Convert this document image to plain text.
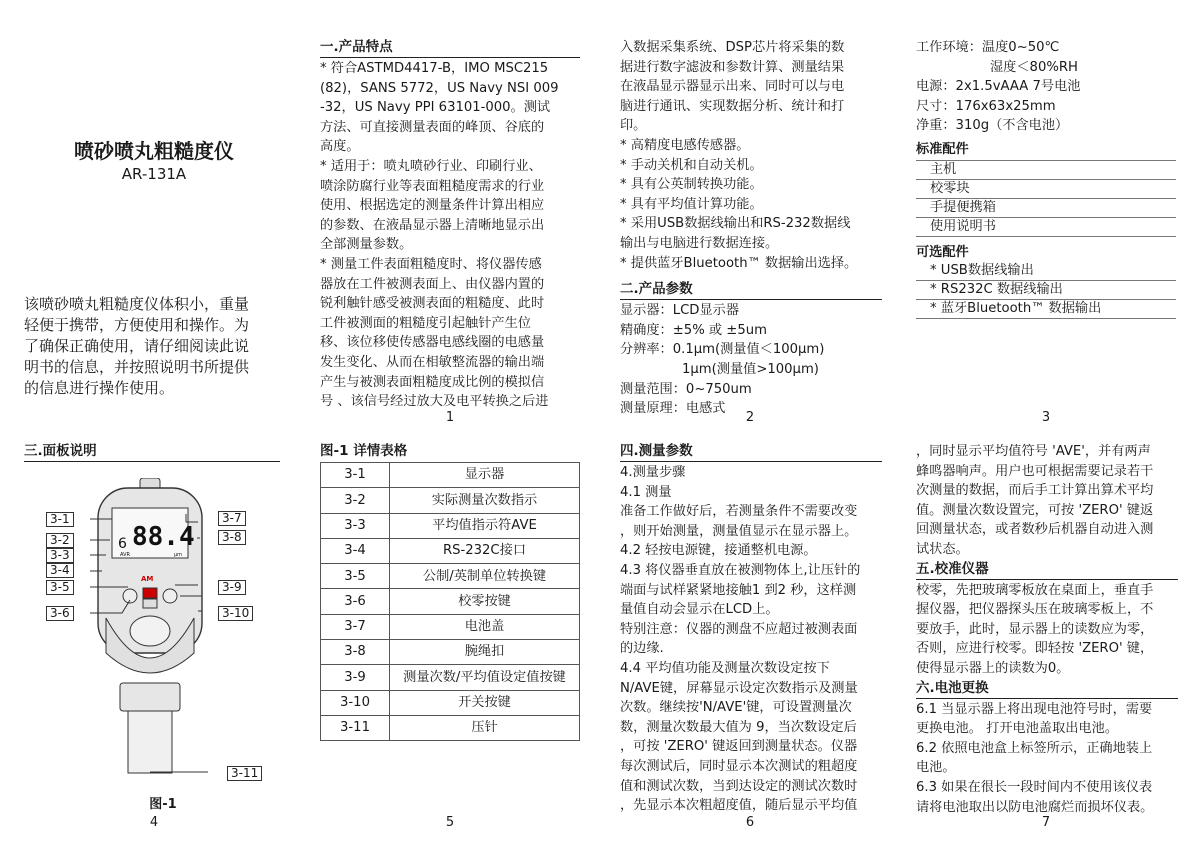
喷砂喷丸粗糙度仪
AR-131A
该喷砂喷丸粗糙度仪体积小，重量
轻便于携带，方便使用和操作。为
了确保正确使用，请仔细阅读此说
明书的信息，并按照说明书所提供
的信息进行操作使用。
1
一.产品特点
* 符合ASTMD4417-B，IMO MSC215
(82)，SANS 5772，US Navy NSI 009
-32，US Navy PPI 63101-000。测试
方法、可直接测量表面的峰顶、谷底的
高度。
* 适用于：喷丸喷砂行业、印刷行业、
喷涂防腐行业等表面粗糙度需求的行业
使用、根据选定的测量条件计算出相应
的参数、在液晶显示器上清晰地显示出
全部测量参数。
* 测量工件表面粗糙度时、将仪器传感
器放在工件被测表面上、由仪器内置的
锐利触针感受被测表面的粗糙度、此时
工件被测面的粗糙度引起触针产生位
移、该位移使传感器电感线圈的电感量
发生变化、从而在相敏整流器的输出端
产生与被测表面粗糙度成比例的模拟信
号 、该信号经过放大及电平转换之后进
2
入数据采集系统、DSP芯片将采集的数
据进行数字滤波和参数计算、测量结果
在液晶显示器显示出来、同时可以与电
脑进行通讯、实现数据分析、统计和打
印。
* 高精度电感传感器。
* 手动关机和自动关机。
* 具有公英制转换功能。
* 具有平均值计算功能。
* 采用USB数据线输出和RS-232数据线
输出与电脑进行数据连接。
* 提供蓝牙Bluetooth™ 数据输出选择。
二.产品参数
显示器：LCD显示器
精确度：±5% 或 ±5um
分辨率：0.1μm(测量值＜100μm)
1μm(测量值>100μm)
测量范围：0~750um
测量原理：电感式
3
工作环境：温度0~50℃
湿度＜80%RH
电源：2x1.5vAAA 7号电池
尺寸：176x63x25mm
净重：310g（不含电池）
标准配件
主机
校零块
手提便携箱
使用说明书
可选配件
* USB数据线输出
* RS232C 数据线输出
* 蓝牙Bluetooth™ 数据输出
三.面板说明
6 88.4
AVR	μm
AM
3-1
3-2
3-3
3-4
3-5
3-6
3-7
3-8
3-9
3-10
3-11
图-1
4
图-1 详情表格
3-1	显示器
3-2	实际测量次数指示
3-3	平均值指示符AVE
3-4	RS-232C接口
3-5	公制/英制单位转换键
3-6	校零按键
3-7	电池盖
3-8	腕绳扣
3-9	测量次数/平均值设定值按键
3-10	开关按键
3-11	压针
5
四.测量参数
4.测量步骤
4.1 测量
准备工作做好后，若测量条件不需要改变
，则开始测量，测量值显示在显示器上。
4.2 轻按电源键，接通整机电源。
4.3 将仪器垂直放在被测物体上,让压针的
端面与试样紧紧地接触1 到2 秒，这样测
量值自动会显示在LCD上。
特别注意：仪器的测盘不应超过被测表面
的边缘.
4.4 平均值功能及测量次数设定按下
N/AVE键，屏幕显示设定次数指示及测量
次数。继续按'N/AVE'键，可设置测量次
数，测量次数最大值为 9，当次数设定后
，可按 'ZERO' 键返回到测量状态。仪器
每次测试后，同时显示本次测试的粗超度
值和测试次数，当到达设定的测试次数时
，先显示本次粗超度值，随后显示平均值
6
，同时显示平均值符号 'AVE'，并有两声
蜂鸣器响声。用户也可根据需要记录若干
次测量的数据，而后手工计算出算术平均
值。测量次数设置完，可按 'ZERO' 键返
回测量状态，或者数秒后机器自动进入测
试状态。
五.校准仪器
校零，先把玻璃零板放在桌面上，垂直手
握仪器，把仪器探头压在玻璃零板上，不
要放手，此时，显示器上的读数应为零，
否则，应进行校零。即轻按 'ZERO' 键，
使得显示器上的读数为0。
六.电池更换
6.1 当显示器上将出现电池符号时，需要
更换电池。 打开电池盖取出电池。
6.2 依照电池盒上标签所示，正确地装上
电池。
6.3 如果在很长一段时间内不使用该仪表
请将电池取出以防电池腐烂而损坏仪表。
7
